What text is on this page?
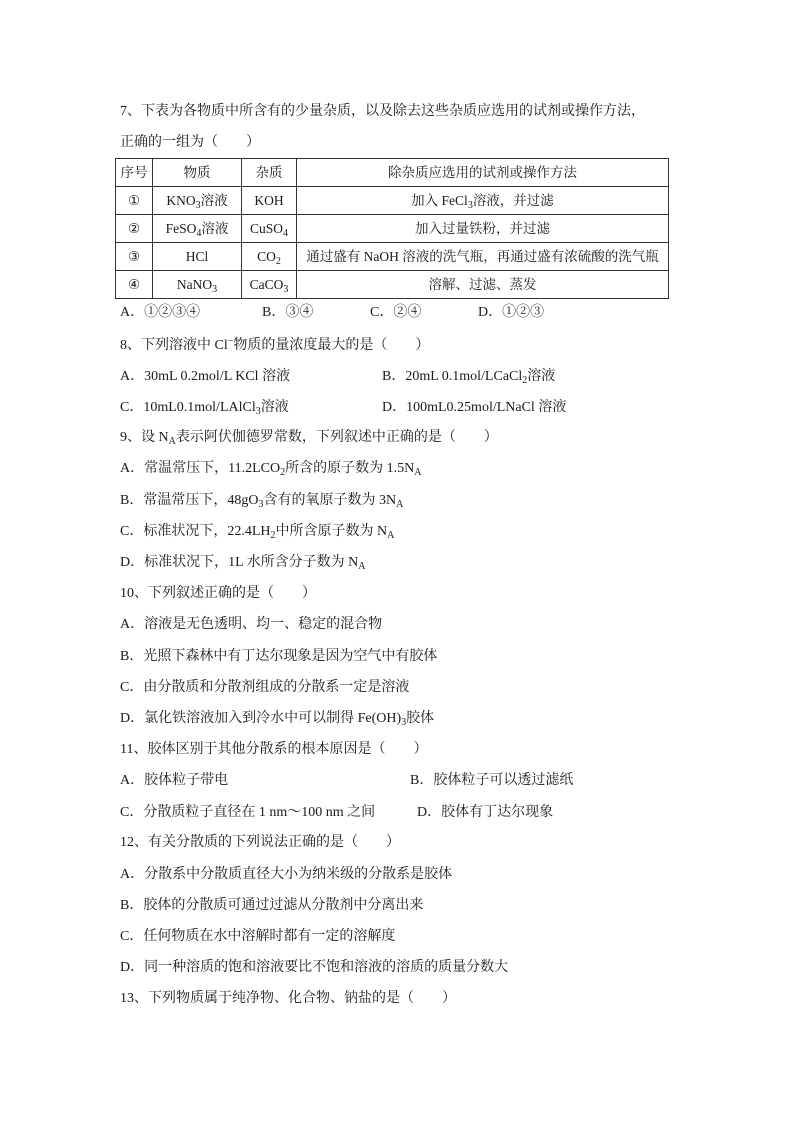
7、下表为各物质中所含有的少量杂质，以及除去这些杂质应选用的试剂或操作方法，
正确的一组为（　　）
序号	物质	杂质	除杂质应选用的试剂或操作方法
①	$KNO_3$溶液	KOH	加入 FeCl$_3$溶液，并过滤
②	FeSO$_4$溶液	CuSO$_4$	加入过量铁粉，并过滤
③	HCl	$CO_2$	通过盛有 NaOH 溶液的洗气瓶，再通过盛有浓硫酸的洗气瓶
④	NaNO$_3$	CaCO$_3$	溶解、过滤、蒸发
A．①②③④	B．③④	C．②④	D．①②③
8、下列溶液中 Cl−物质的量浓度最大的是（　　）
A．30mL 0.2mol/L KCl 溶液	B．20mL 0.1mol/LCaCl$_2$溶液
C．10mL0.1mol/LAlCl$_3$溶液	D．100mL0.25mol/LNaCl 溶液
9、设 $N_A$表示阿伏伽德罗常数，下列叙述中正确的是（　　）
A．常温常压下，$11.2LCO_2$所含的原子数为 $1.5N_A$
B．常温常压下，$48gO_3$含有的氧原子数为 $3N_A$
C．标准状况下，$22.4LH_2$中所含原子数为 $N_A$
D．标准状况下，1L 水所含分子数为 $N_A$
10、下列叙述正确的是（　　）
A．溶液是无色透明、均一、稳定的混合物
B．光照下森林中有丁达尔现象是因为空气中有胶体
C．由分散质和分散剂组成的分散系一定是溶液
D．氯化铁溶液加入到冷水中可以制得 $Fe(OH)_3$胶体
11、胶体区别于其他分散系的根本原因是（　　）
A．胶体粒子带电	B．胶体粒子可以透过滤纸
C．分散质粒子直径在 1 nm～100 nm 之间	D．胶体有丁达尔现象
12、有关分散质的下列说法正确的是（　　）
A．分散系中分散质直径大小为纳米级的分散系是胶体
B．胶体的分散质可通过过滤从分散剂中分离出来
C．任何物质在水中溶解时都有一定的溶解度
D．同一种溶质的饱和溶液要比不饱和溶液的溶质的质量分数大
13、下列物质属于纯净物、化合物、钠盐的是（　　）
